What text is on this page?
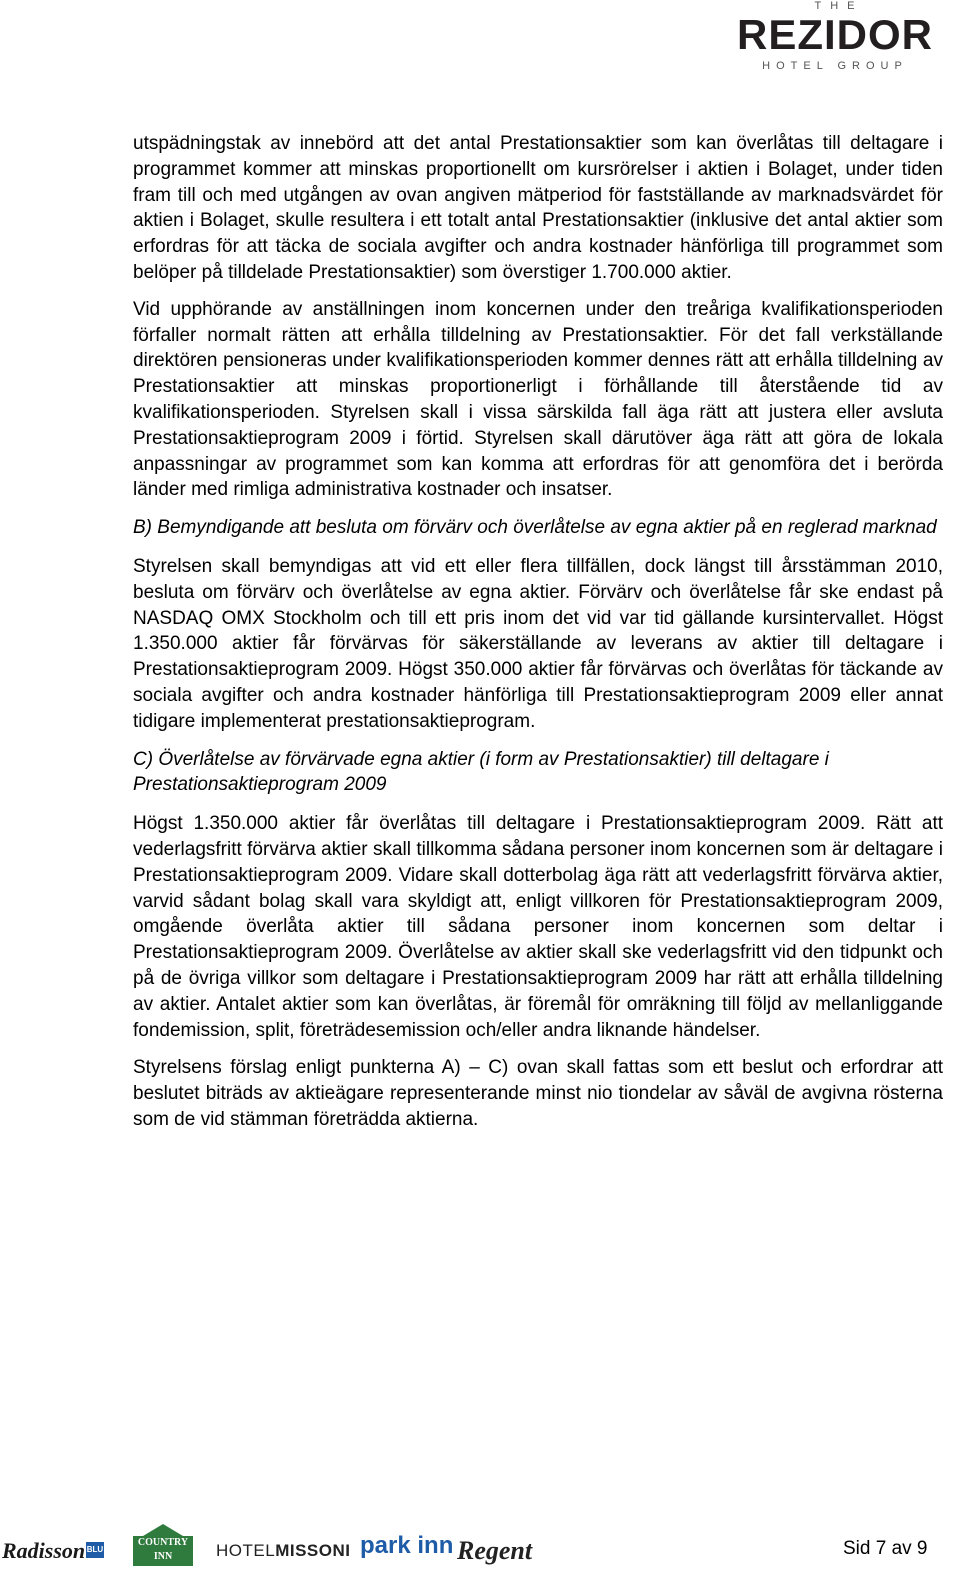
THE
REZIDOR
HOTEL GROUP

utspädningstak av innebörd att det antal Prestationsaktier som kan överlåtas till deltagare i programmet kommer att minskas proportionellt om kursrörelser i aktien i Bolaget, under tiden fram till och med utgången av ovan angiven mätperiod för fastställande av marknadsvärdet för aktien i Bolaget, skulle resultera i ett totalt antal Prestationsaktier (inklusive det antal aktier som erfordras för att täcka de sociala avgifter och andra kostnader hänförliga till programmet som belöper på tilldelade Prestationsaktier) som överstiger 1.700.000 aktier.

Vid upphörande av anställningen inom koncernen under den treåriga kvalifikationsperioden förfaller normalt rätten att erhålla tilldelning av Prestationsaktier. För det fall verkställande direktören pensioneras under kvalifikationsperioden kommer dennes rätt att erhålla tilldelning av Prestationsaktier att minskas proportionerligt i förhållande till återstående tid av kvalifikationsperioden. Styrelsen skall i vissa särskilda fall äga rätt att justera eller avsluta Prestationsaktieprogram 2009 i förtid. Styrelsen skall därutöver äga rätt att göra de lokala anpassningar av programmet som kan komma att erfordras för att genomföra det i berörda länder med rimliga administrativa kostnader och insatser.

B) Bemyndigande att besluta om förvärv och överlåtelse av egna aktier på en reglerad marknad

Styrelsen skall bemyndigas att vid ett eller flera tillfällen, dock längst till årsstämman 2010, besluta om förvärv och överlåtelse av egna aktier. Förvärv och överlåtelse får ske endast på NASDAQ OMX Stockholm och till ett pris inom det vid var tid gällande kursintervallet. Högst 1.350.000 aktier får förvärvas för säkerställande av leverans av aktier till deltagare i Prestationsaktieprogram 2009. Högst 350.000 aktier får förvärvas och överlåtas för täckande av sociala avgifter och andra kostnader hänförliga till Prestationsaktieprogram 2009 eller annat tidigare implementerat prestationsaktieprogram.

C) Överlåtelse av förvärvade egna aktier (i form av Prestationsaktier) till deltagare i Prestationsaktieprogram 2009

Högst 1.350.000 aktier får överlåtas till deltagare i Prestationsaktieprogram 2009. Rätt att vederlagsfritt förvärva aktier skall tillkomma sådana personer inom koncernen som är deltagare i Prestationsaktieprogram 2009. Vidare skall dotterbolag äga rätt att vederlagsfritt förvärva aktier, varvid sådant bolag skall vara skyldigt att, enligt villkoren för Prestationsaktieprogram 2009, omgående överlåta aktier till sådana personer inom koncernen som deltar i Prestationsaktieprogram 2009. Överlåtelse av aktier skall ske vederlagsfritt vid den tidpunkt och på de övriga villkor som deltagare i Prestationsaktieprogram 2009 har rätt att erhålla tilldelning av aktier. Antalet aktier som kan överlåtas, är föremål för omräkning till följd av mellanliggande fondemission, split, företrädesemission och/eller andra liknande händelser.

Styrelsens förslag enligt punkterna A) – C) ovan skall fattas som ett beslut och erfordrar att beslutet biträds av aktieägare representerande minst nio tiondelar av såväl de avgivna rösterna som de vid stämman företrädda aktierna.

Radisson BLU
COUNTRY INN	HOTELMISSONI park inn Regent	Sid 7 av 9
